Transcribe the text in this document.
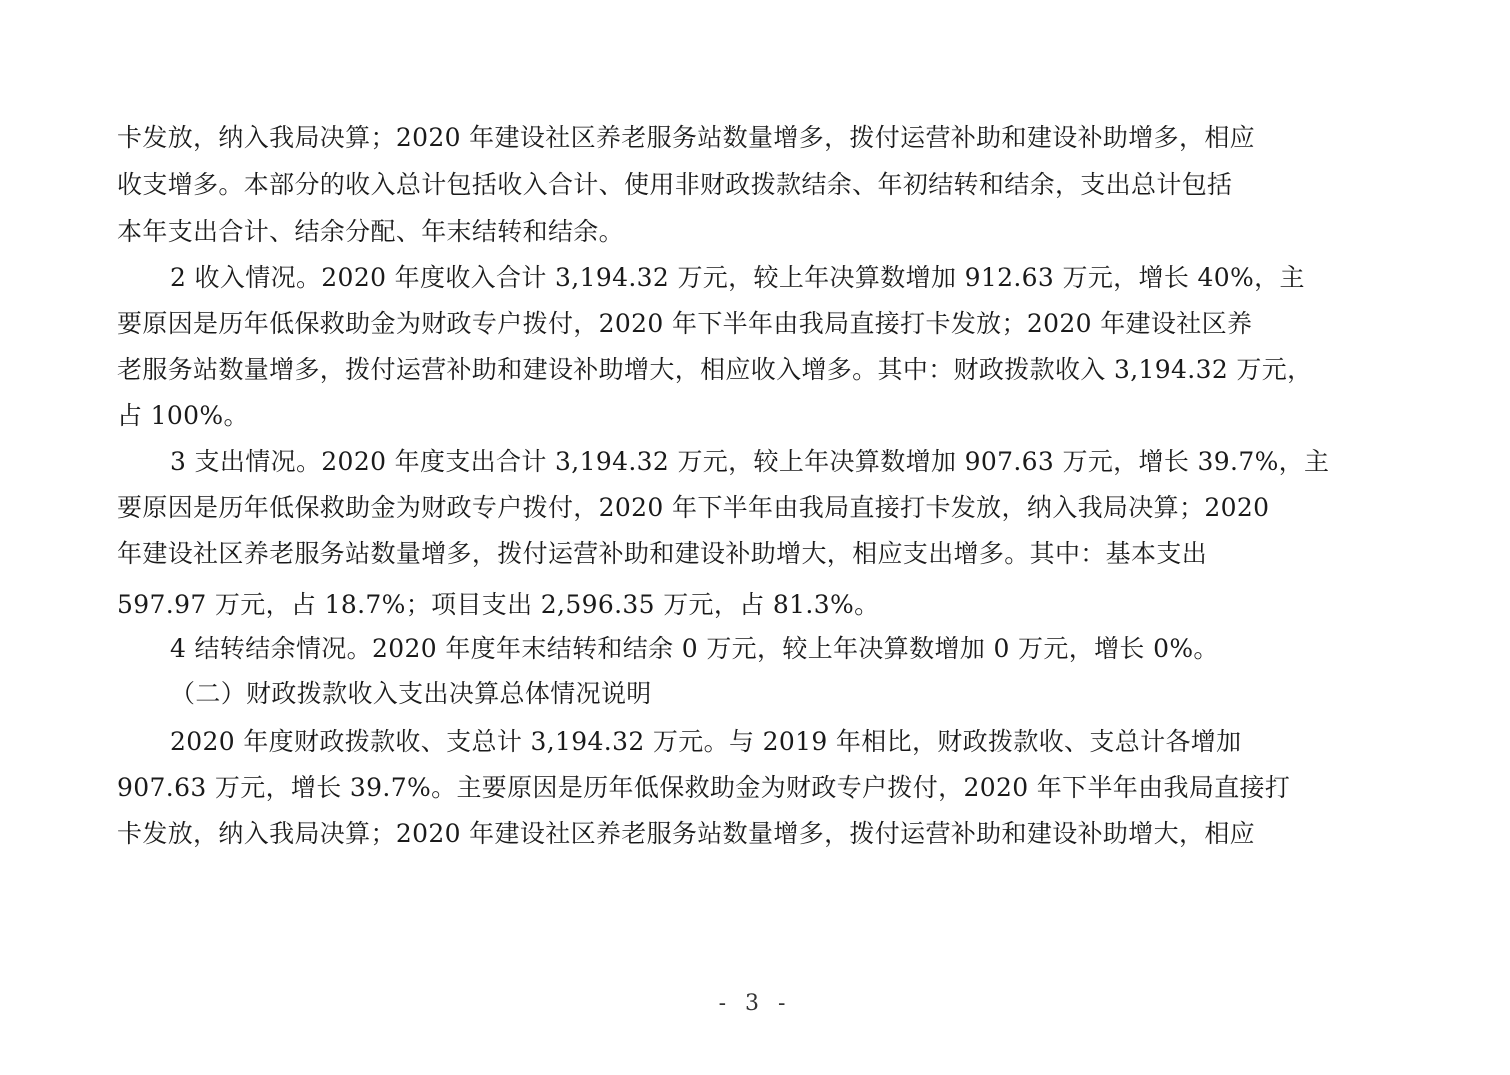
卡发放，纳入我局决算；2020 年建设社区养老服务站数量增多，拨付运营补助和建设补助增多，相应
收支增多。本部分的收入总计包括收入合计、使用非财政拨款结余、年初结转和结余，支出总计包括
本年支出合计、结余分配、年末结转和结余。
2 收入情况。2020 年度收入合计 3,194.32 万元，较上年决算数增加 912.63 万元，增长 40%，主
要原因是历年低保救助金为财政专户拨付，2020 年下半年由我局直接打卡发放；2020 年建设社区养
老服务站数量增多，拨付运营补助和建设补助增大，相应收入增多。其中：财政拨款收入 3,194.32 万元，
占 100%。
3 支出情况。2020 年度支出合计 3,194.32 万元，较上年决算数增加 907.63 万元，增长 39.7%，主
要原因是历年低保救助金为财政专户拨付，2020 年下半年由我局直接打卡发放，纳入我局决算；2020
年建设社区养老服务站数量增多，拨付运营补助和建设补助增大，相应支出增多。其中：基本支出
597.97 万元，占 18.7%；项目支出 2,596.35 万元，占 81.3%。
4 结转结余情况。2020 年度年末结转和结余 0 万元，较上年决算数增加 0 万元，增长 0%。
（二）财政拨款收入支出决算总体情况说明
2020 年度财政拨款收、支总计 3,194.32 万元。与 2019 年相比，财政拨款收、支总计各增加
907.63 万元，增长 39.7%。主要原因是历年低保救助金为财政专户拨付，2020 年下半年由我局直接打
卡发放，纳入我局决算；2020 年建设社区养老服务站数量增多，拨付运营补助和建设补助增大，相应
- 3 -
